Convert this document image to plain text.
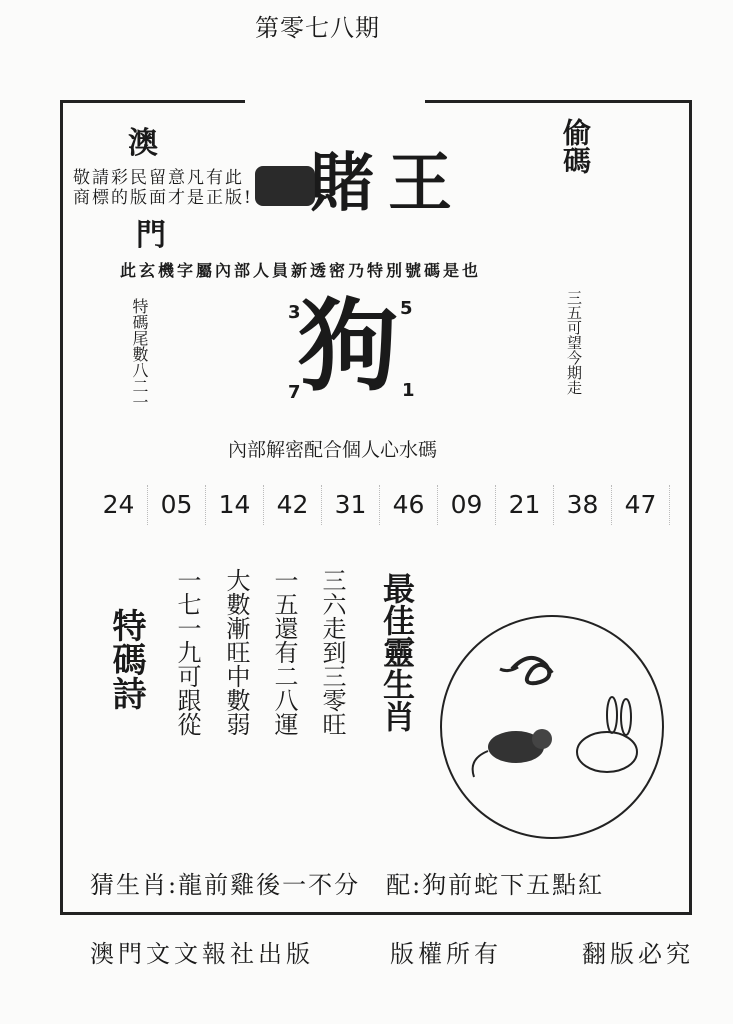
第零七八期
澳
門
敬請彩民留意凡有此商標的版面才是正版! 賭王
偷碼
此玄機字屬內部人員新透密乃特別號碼是也
特碼尾數八二一	三五可望今期走
狗
3	5
7	1
內部解密配合個人心水碼
24	05	14	42	31	46	09	21	38	47
特碼詩 一七一九可跟從 大數漸旺中數弱 一五還有二八運 三六走到三零旺 最佳靈生肖
猜生肖:龍前雞後一不分　配:狗前蛇下五點紅
澳門文文報社出版	版權所有	翻版必究
